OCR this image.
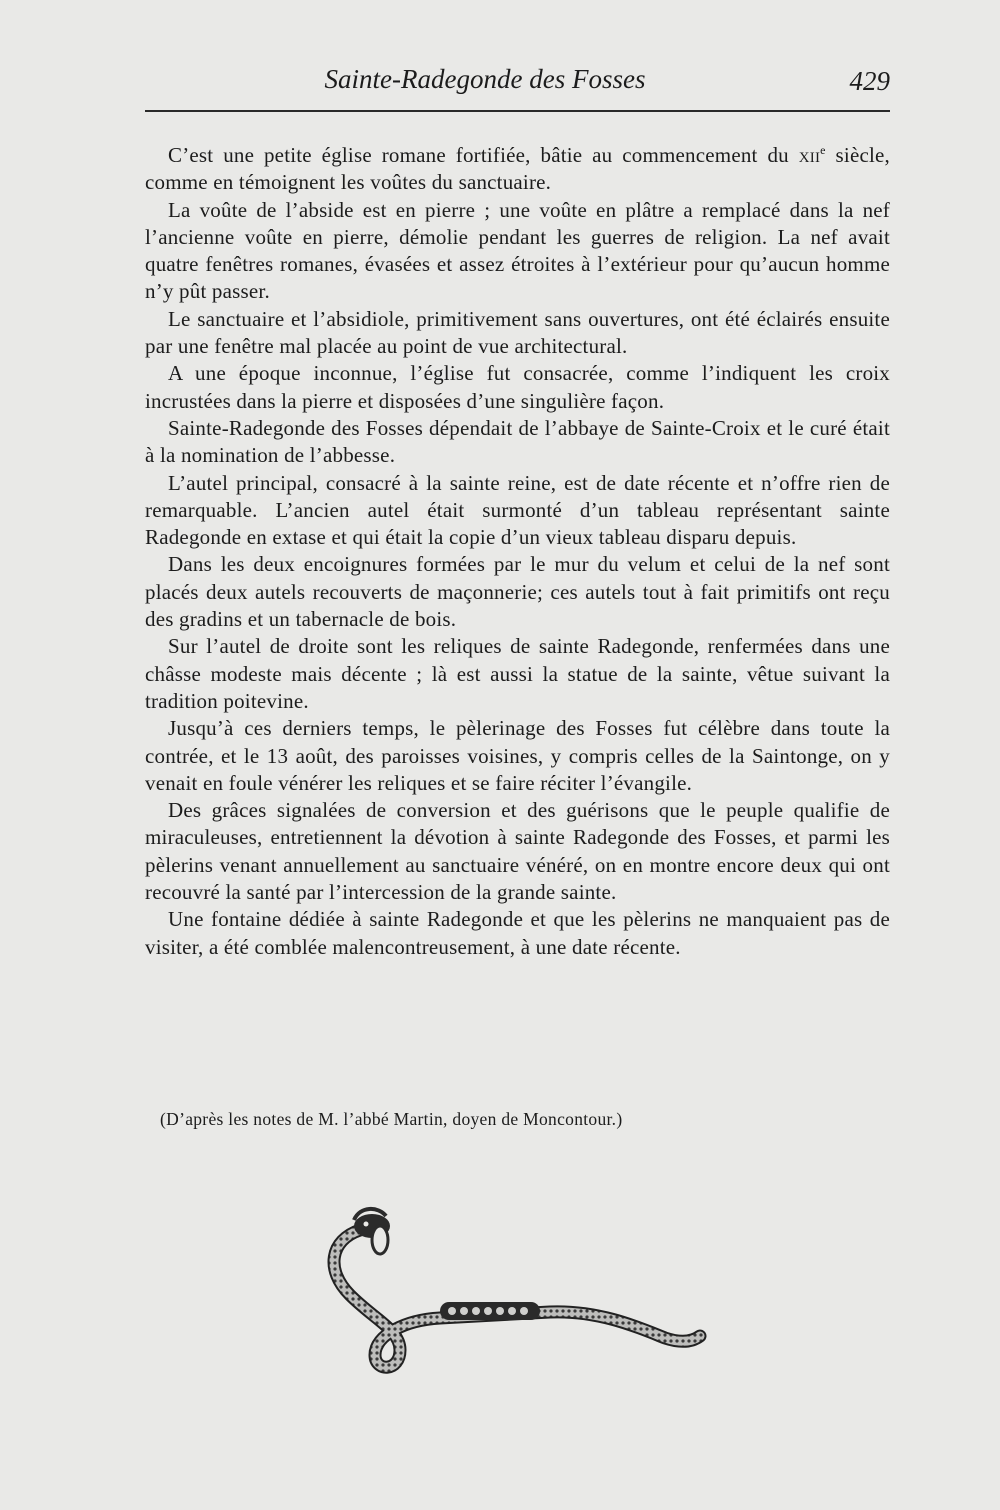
Sainte-Radegonde des Fosses	429

C’est une petite église romane fortifiée, bâtie au commencement du xii$^e$ siècle, comme en témoignent les voûtes du sanctuaire.

La voûte de l’abside est en pierre ; une voûte en plâtre a remplacé dans la nef l’ancienne voûte en pierre, démolie pendant les guerres de religion. La nef avait quatre fenêtres romanes, évasées et assez étroites à l’extérieur pour qu’aucun homme n’y pût passer.

Le sanctuaire et l’absidiole, primitivement sans ouvertures, ont été éclairés ensuite par une fenêtre mal placée au point de vue architectural.

A une époque inconnue, l’église fut consacrée, comme l’indiquent les croix incrustées dans la pierre et disposées d’une singulière façon.

Sainte-Radegonde des Fosses dépendait de l’abbaye de Sainte-Croix et le curé était à la nomination de l’abbesse.

L’autel principal, consacré à la sainte reine, est de date récente et n’offre rien de remarquable. L’ancien autel était surmonté d’un tableau représentant sainte Radegonde en extase et qui était la copie d’un vieux tableau disparu depuis.

Dans les deux encoignures formées par le mur du velum et celui de la nef sont placés deux autels recouverts de maçonnerie; ces autels tout à fait primitifs ont reçu des gradins et un tabernacle de bois.

Sur l’autel de droite sont les reliques de sainte Radegonde, renfermées dans une châsse modeste mais décente ; là est aussi la statue de la sainte, vêtue suivant la tradition poitevine.

Jusqu’à ces derniers temps, le pèlerinage des Fosses fut célèbre dans toute la contrée, et le 13 août, des paroisses voisines, y compris celles de la Saintonge, on y venait en foule vénérer les reliques et se faire réciter l’évangile.

Des grâces signalées de conversion et des guérisons que le peuple qualifie de miraculeuses, entretiennent la dévotion à sainte Radegonde des Fosses, et parmi les pèlerins venant annuellement au sanctuaire vénéré, on en montre encore deux qui ont recouvré la santé par l’intercession de la grande sainte.

Une fontaine dédiée à sainte Radegonde et que les pèlerins ne manquaient pas de visiter, a été comblée malencontreusement, à une date récente.

(D’après les notes de M. l’abbé Martin, doyen de Moncontour.)
